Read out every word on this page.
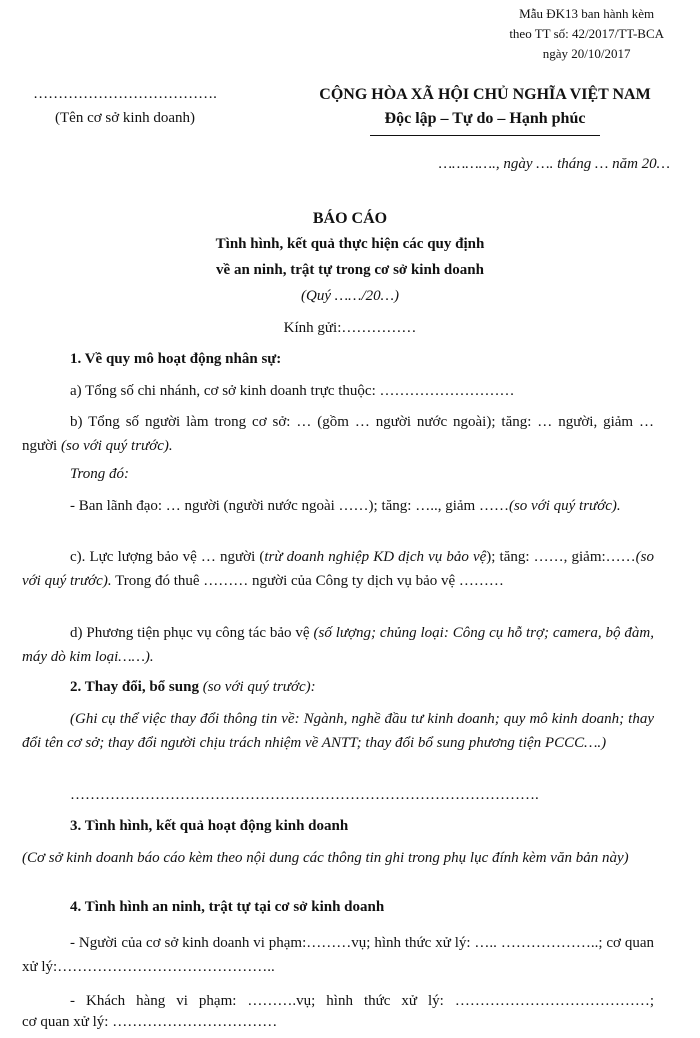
Mẫu ĐK13 ban hành kèm
theo TT số: 42/2017/TT-BCA
ngày 20/10/2017
……………………………….
(Tên cơ sở kinh doanh)
CỘNG HÒA XÃ HỘI CHỦ NGHĨA VIỆT NAM
Độc lập – Tự do – Hạnh phúc
…………., ngày …. tháng … năm 20…
BÁO CÁO
Tình hình, kết quả thực hiện các quy định
về an ninh, trật tự trong cơ sở kinh doanh
(Quý ……/20…)
Kính gửi:……………
1. Về quy mô hoạt động nhân sự:
a) Tổng số chi nhánh, cơ sở kinh doanh trực thuộc: ………………………
b) Tổng số người làm trong cơ sở: … (gồm … người nước ngoài); tăng: … người, giảm … người (so với quý trước).
Trong đó:
- Ban lãnh đạo: … người (người nước ngoài ……); tăng: ….., giảm ……(so với quý trước).
c). Lực lượng bảo vệ … người (trừ doanh nghiệp KD dịch vụ bảo vệ); tăng: ……, giảm:……(so với quý trước). Trong đó thuê ……… người của Công ty dịch vụ bảo vệ ………
d) Phương tiện phục vụ công tác bảo vệ (số lượng; chủng loại: Công cụ hỗ trợ; camera, bộ đàm, máy dò kim loại……).
2. Thay đổi, bổ sung (so với quý trước):
(Ghi cụ thể việc thay đổi thông tin về: Ngành, nghề đầu tư kinh doanh; quy mô kinh doanh; thay đổi tên cơ sở; thay đổi người chịu trách nhiệm về ANTT; thay đổi bổ sung phương tiện PCCC….)
………………………………………………………………………………….
3. Tình hình, kết quả hoạt động kinh doanh
(Cơ sở kinh doanh báo cáo kèm theo nội dung các thông tin ghi trong phụ lục đính kèm văn bản này)
4. Tình hình an ninh, trật tự tại cơ sở kinh doanh
- Người của cơ sở kinh doanh vi phạm:………vụ; hình thức xử lý: ….. ………………..; cơ quan xử lý:……………………………………..
- Khách hàng vi phạm: ……….vụ; hình thức xử lý: …………………………………;
cơ quan xử lý: ……………………………
